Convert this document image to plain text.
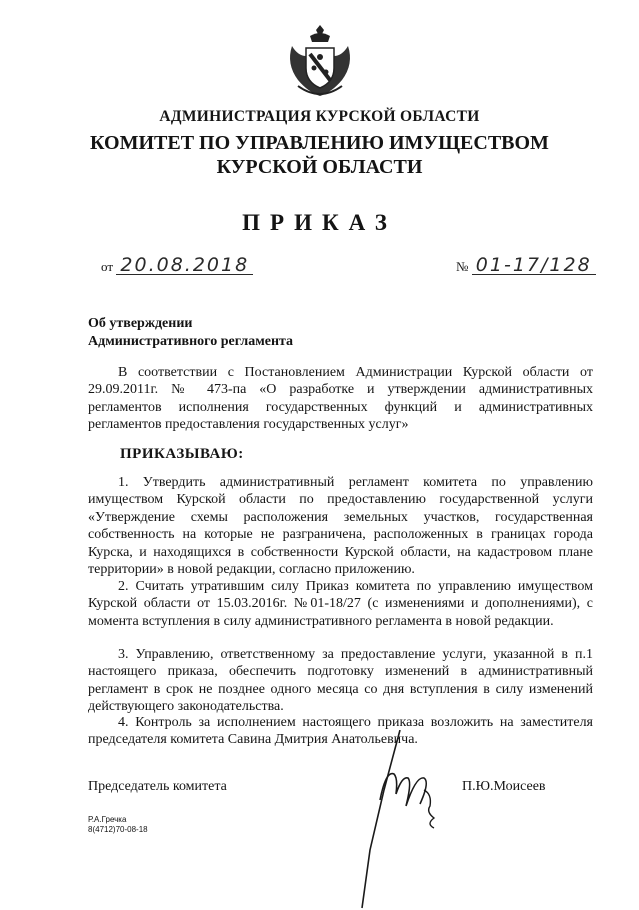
АДМИНИСТРАЦИЯ КУРСКОЙ ОБЛАСТИ
КОМИТЕТ ПО УПРАВЛЕНИЮ ИМУЩЕСТВОМ
КУРСКОЙ ОБЛАСТИ
ПРИКАЗ
от 20.08.2018	№ 01-17/128
Об утверждении
Административного регламента

В соответствии с Постановлением Администрации Курской области от 29.09.2011г. № 473-па «О разработке и утверждении административных регламентов исполнения государственных функций и административных регламентов предоставления государственных услуг»

ПРИКАЗЫВАЮ:

1. Утвердить административный регламент комитета по управлению имуществом Курской области по предоставлению государственной услуги «Утверждение схемы расположения земельных участков, государственная собственность на которые не разграничена, расположенных в границах города Курска, и находящихся в собственности Курской области, на кадастровом плане территории» в новой редакции, согласно приложению.

2. Считать утратившим силу Приказ комитета по управлению имуществом Курской области от 15.03.2016г. №01-18/27 (с изменениями и дополнениями), с момента вступления в силу административного регламента в новой редакции.

3. Управлению, ответственному за предоставление услуги, указанной в п.1 настоящего приказа, обеспечить подготовку изменений в административный регламент в срок не позднее одного месяца со дня вступления в силу изменений действующего законодательства.

4. Контроль за исполнением настоящего приказа возложить на заместителя председателя комитета Савина Дмитрия Анатольевича.

Председатель комитета	П.Ю.Моисеев
Р.А.Гречка
8(4712)70-08-18
